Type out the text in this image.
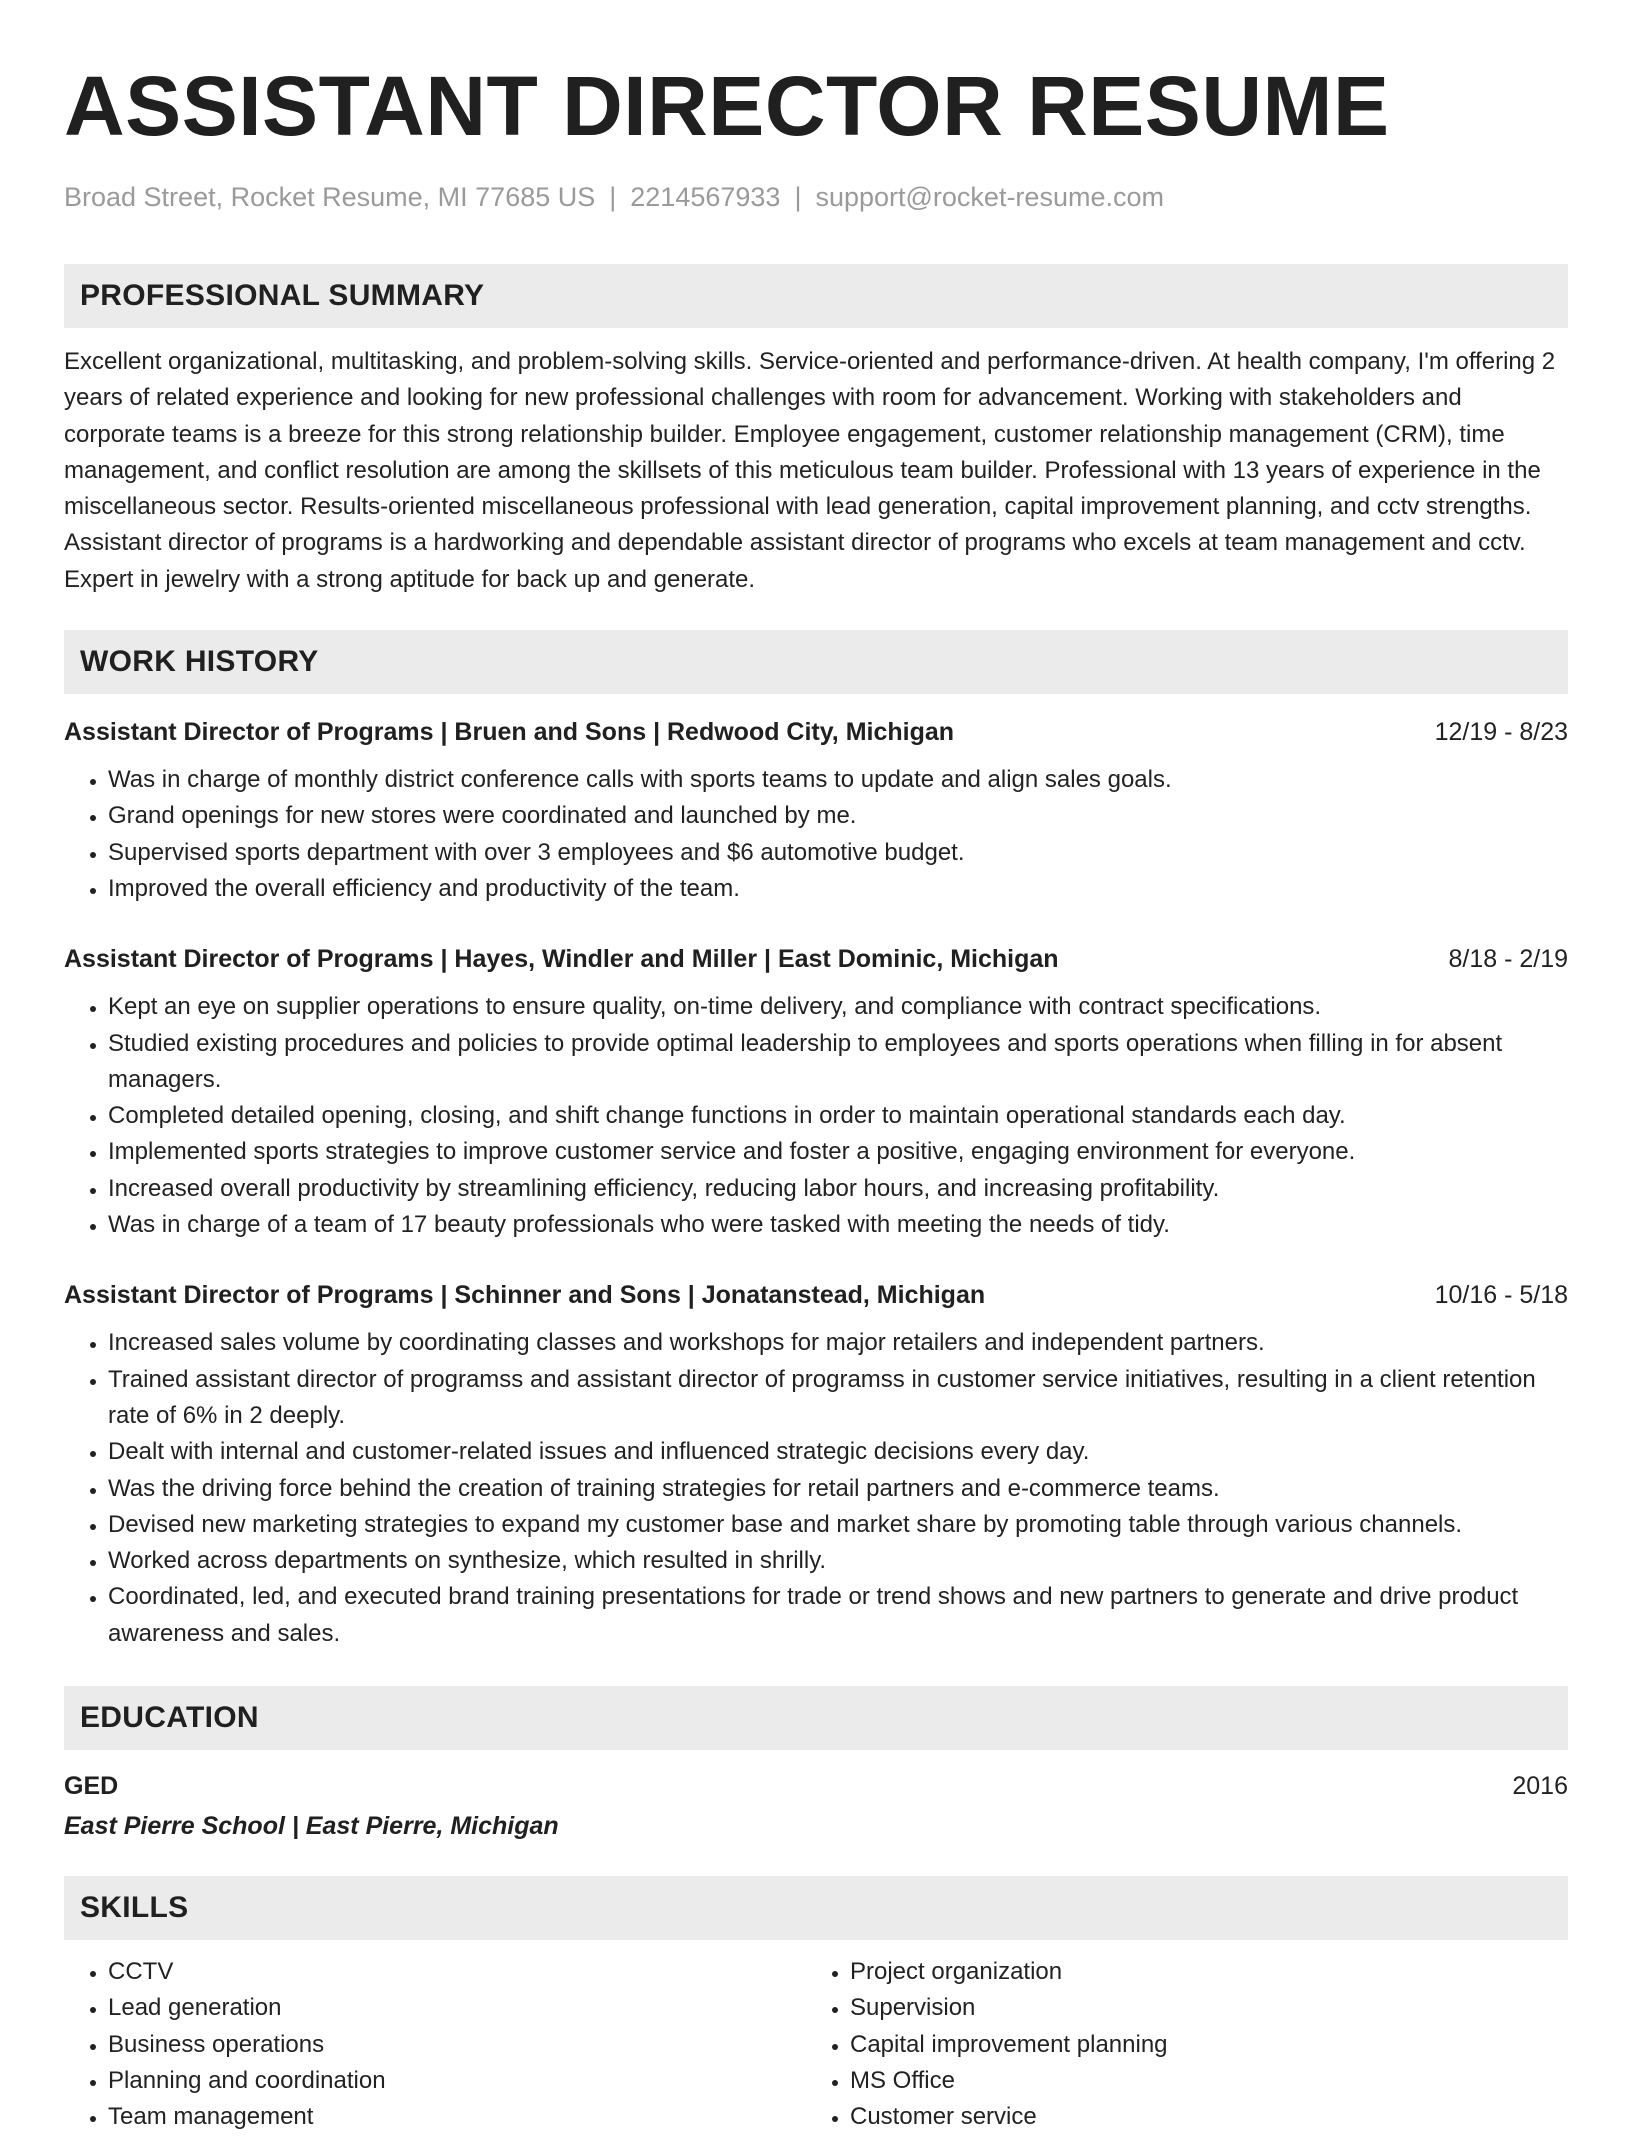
ASSISTANT DIRECTOR RESUME
Broad Street, Rocket Resume, MI 77685 US | 2214567933 | support@rocket-resume.com
PROFESSIONAL SUMMARY
Excellent organizational, multitasking, and problem-solving skills. Service-oriented and performance-driven. At health company, I'm offering 2 years of related experience and looking for new professional challenges with room for advancement. Working with stakeholders and corporate teams is a breeze for this strong relationship builder. Employee engagement, customer relationship management (CRM), time management, and conflict resolution are among the skillsets of this meticulous team builder. Professional with 13 years of experience in the miscellaneous sector. Results-oriented miscellaneous professional with lead generation, capital improvement planning, and cctv strengths. Assistant director of programs is a hardworking and dependable assistant director of programs who excels at team management and cctv. Expert in jewelry with a strong aptitude for back up and generate.
WORK HISTORY
Assistant Director of Programs | Bruen and Sons | Redwood City, Michigan	12/19 - 8/23
• Was in charge of monthly district conference calls with sports teams to update and align sales goals.
• Grand openings for new stores were coordinated and launched by me.
• Supervised sports department with over 3 employees and $6 automotive budget.
• Improved the overall efficiency and productivity of the team.
Assistant Director of Programs | Hayes, Windler and Miller | East Dominic, Michigan	8/18 - 2/19
• Kept an eye on supplier operations to ensure quality, on-time delivery, and compliance with contract specifications.
• Studied existing procedures and policies to provide optimal leadership to employees and sports operations when filling in for absent managers.
• Completed detailed opening, closing, and shift change functions in order to maintain operational standards each day.
• Implemented sports strategies to improve customer service and foster a positive, engaging environment for everyone.
• Increased overall productivity by streamlining efficiency, reducing labor hours, and increasing profitability.
• Was in charge of a team of 17 beauty professionals who were tasked with meeting the needs of tidy.
Assistant Director of Programs | Schinner and Sons | Jonatanstead, Michigan	10/16 - 5/18
• Increased sales volume by coordinating classes and workshops for major retailers and independent partners.
• Trained assistant director of programss and assistant director of programss in customer service initiatives, resulting in a client retention rate of 6% in 2 deeply.
• Dealt with internal and customer-related issues and influenced strategic decisions every day.
• Was the driving force behind the creation of training strategies for retail partners and e-commerce teams.
• Devised new marketing strategies to expand my customer base and market share by promoting table through various channels.
• Worked across departments on synthesize, which resulted in shrilly.
• Coordinated, led, and executed brand training presentations for trade or trend shows and new partners to generate and drive product awareness and sales.
EDUCATION
GED	2016
East Pierre School | East Pierre, Michigan
SKILLS
• CCTV
• Lead generation
• Business operations
• Planning and coordination
• Team management
• Project organization
• Supervision
• Capital improvement planning
• MS Office
• Customer service
